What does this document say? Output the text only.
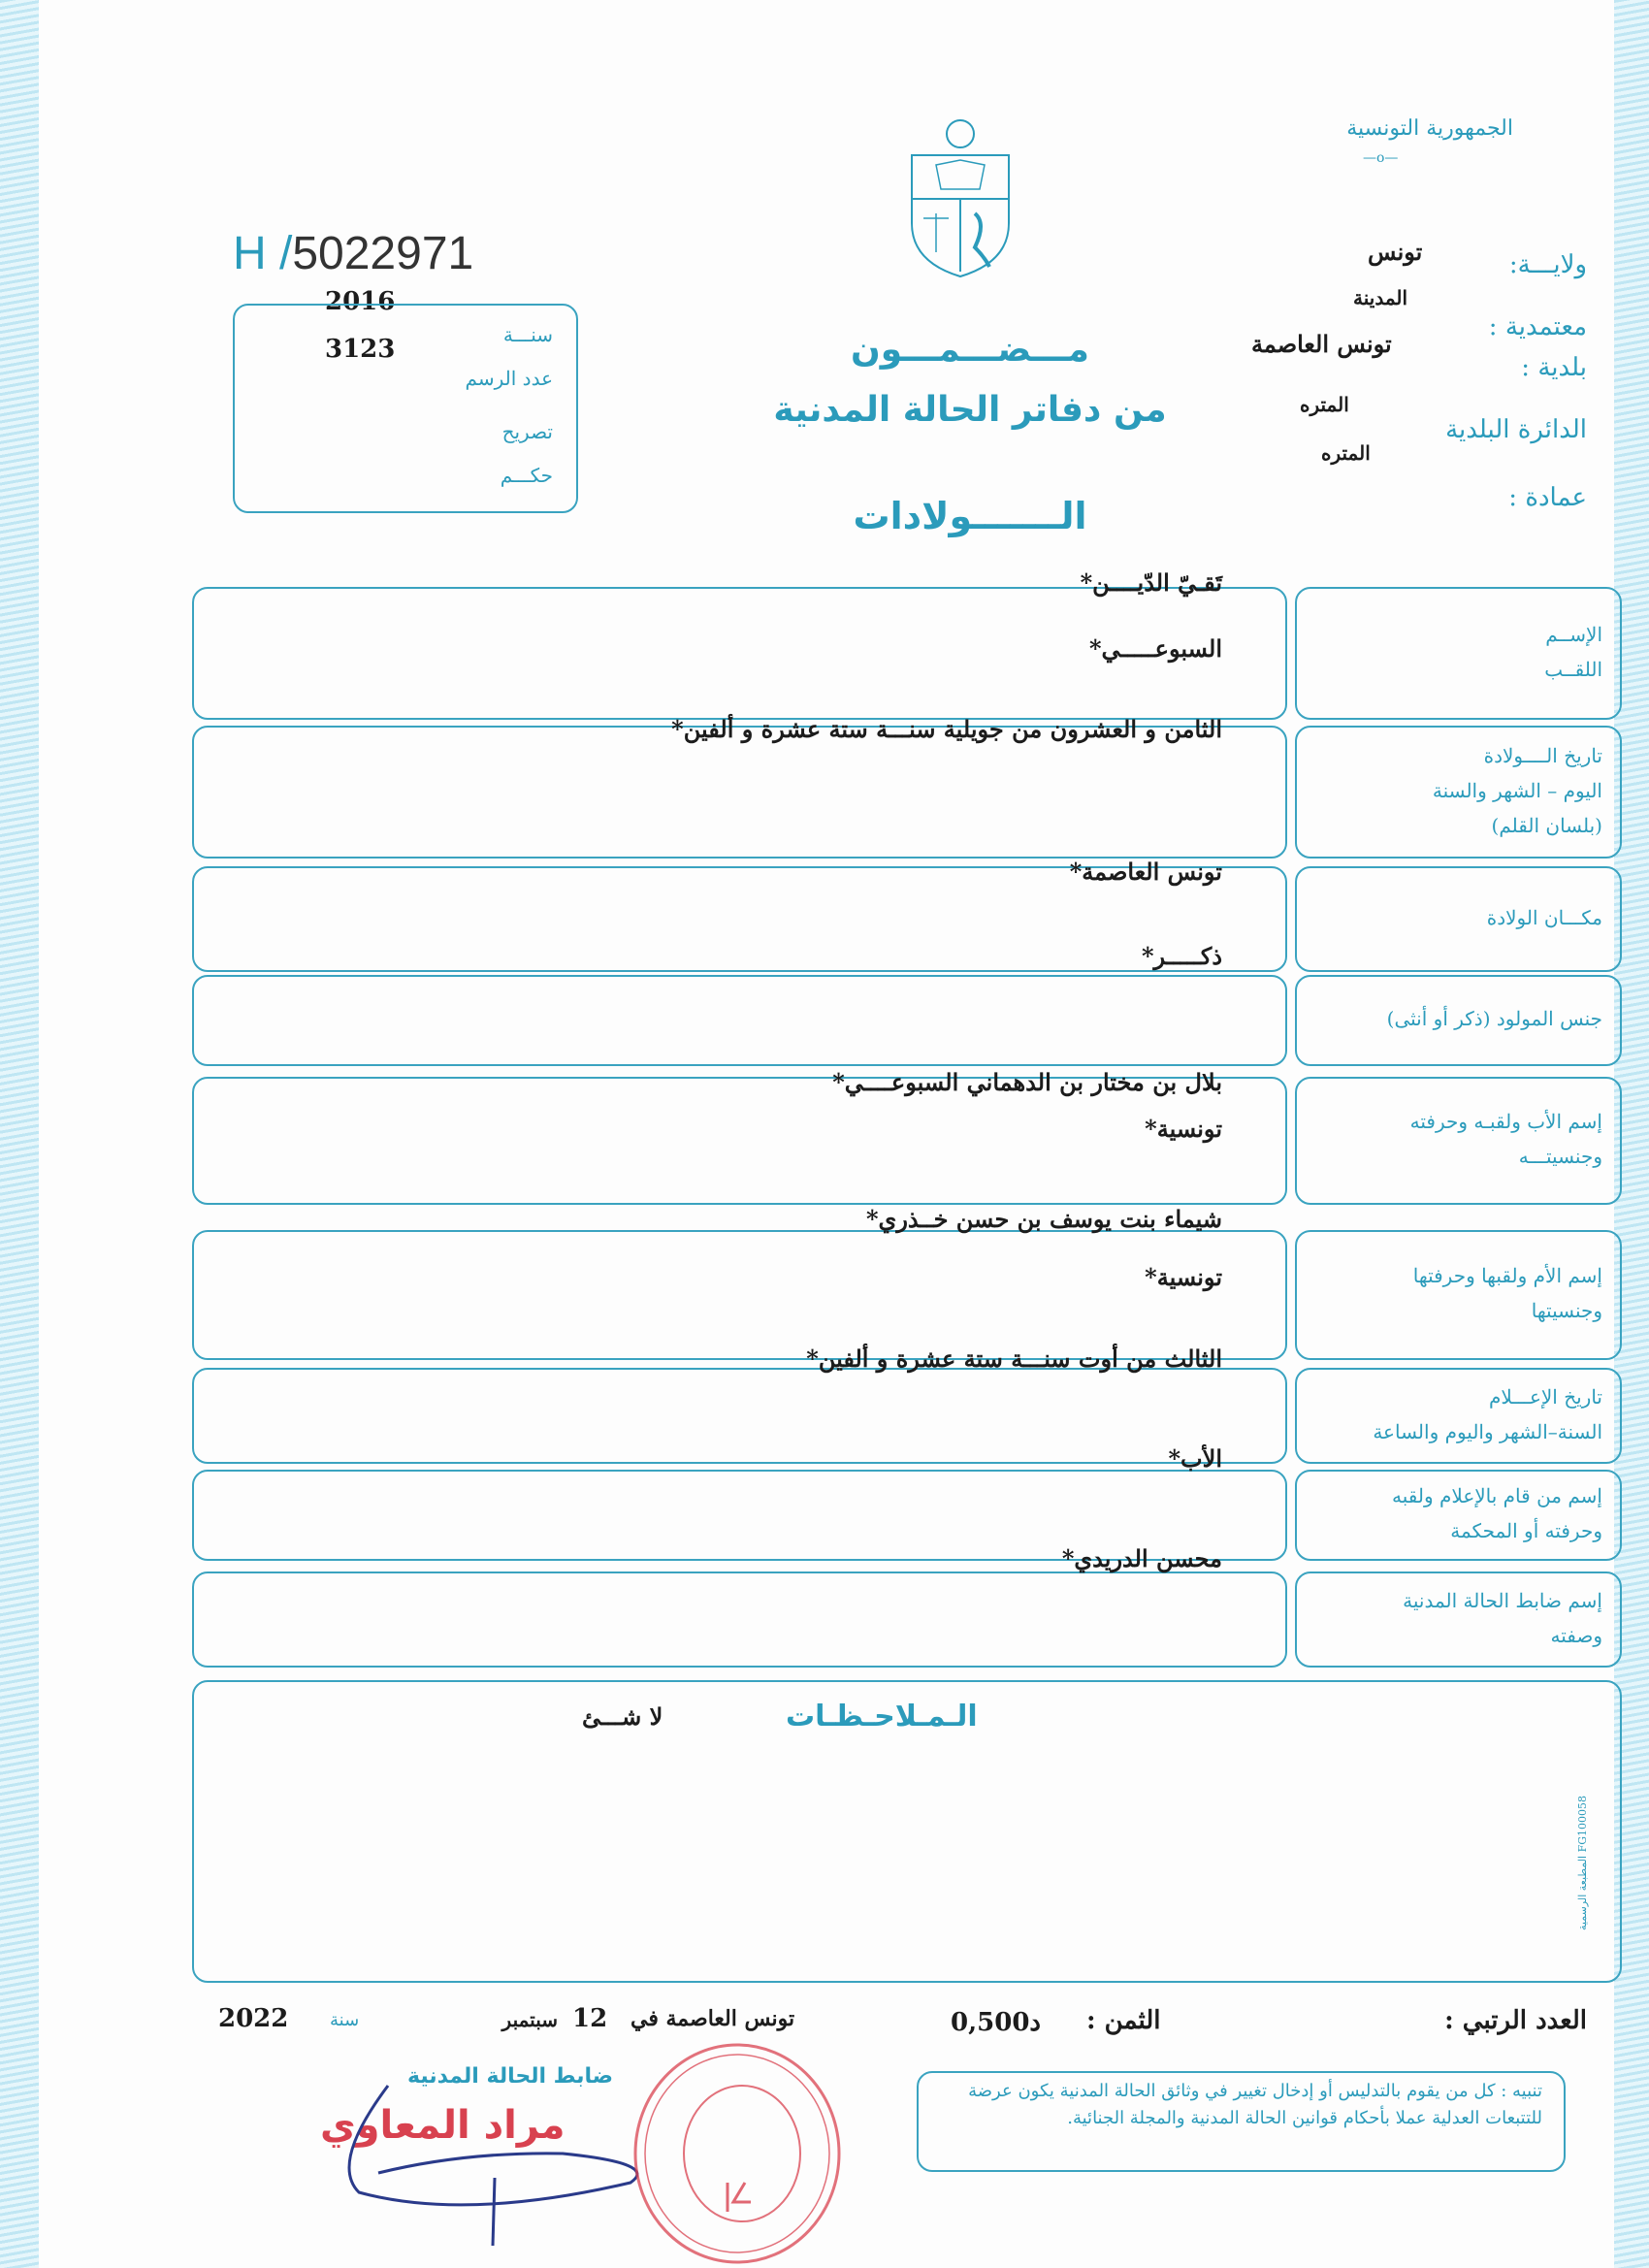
الجمهورية التونسية
—o—
H /5022971	ولايـــة:
معتمدية :
بلدية :
الدائرة البلدية
عمادة :
تونس
المدينة
تونس العاصمة
المتره
المتره
2016
3123	سنـــة
عدد الرسم
تصريح
حكـــم
مـــضـــمـــون
من دفاتر الحالة المدنية
الـــــــولادات
الإســم
اللقــب
تَقـيّ الدّيــــن*
السبوعـــــي*
تاريخ الــــولادة
اليوم – الشهر والسنة
(بلسان القلم)
الثامن و العشرون من جويلية سنـــة ستة عشرة و ألفين*
مكـــان الولادة
تونس العاصمة*
جنس المولود (ذكر أو أنثى)
ذكـــــر*
إسم الأب ولقبـه وحرفته
وجنسيتـــه
بلال بن مختار بن الدهماني السبوعــــي*
تونسية*
إسم الأم ولقبها وحرفتها
وجنسيتها
شيماء بنت يوسف بن حسن خــذري*
تونسية*
تاريخ الإعـــلام
السنة–الشهر واليوم والساعة
الثالث من أوت سنـــة ستة عشرة و ألفين*
إسم من قام بالإعلام ولقبه
وحرفته أو المحكمة
الأب*
إسم ضابط الحالة المدنية
وصفته
محسن الدريدي*
الـمـلاحـظـات
لا شـــئ
العدد الرتبي :
الثمن :
0,500د
تونس العاصمة في
12
سبتمبر
سنة
2022
ضابط الحالة المدنية
مراد المعاوي
تنبيه : كل من يقوم بالتدليس أو إدخال تغيير في وثائق الحالة المدنية يكون عرضة للتتبعات العدلية عملا بأحكام قوانين الحالة المدنية والمجلة الجنائية.
المطبعة الرسمية FG100058
